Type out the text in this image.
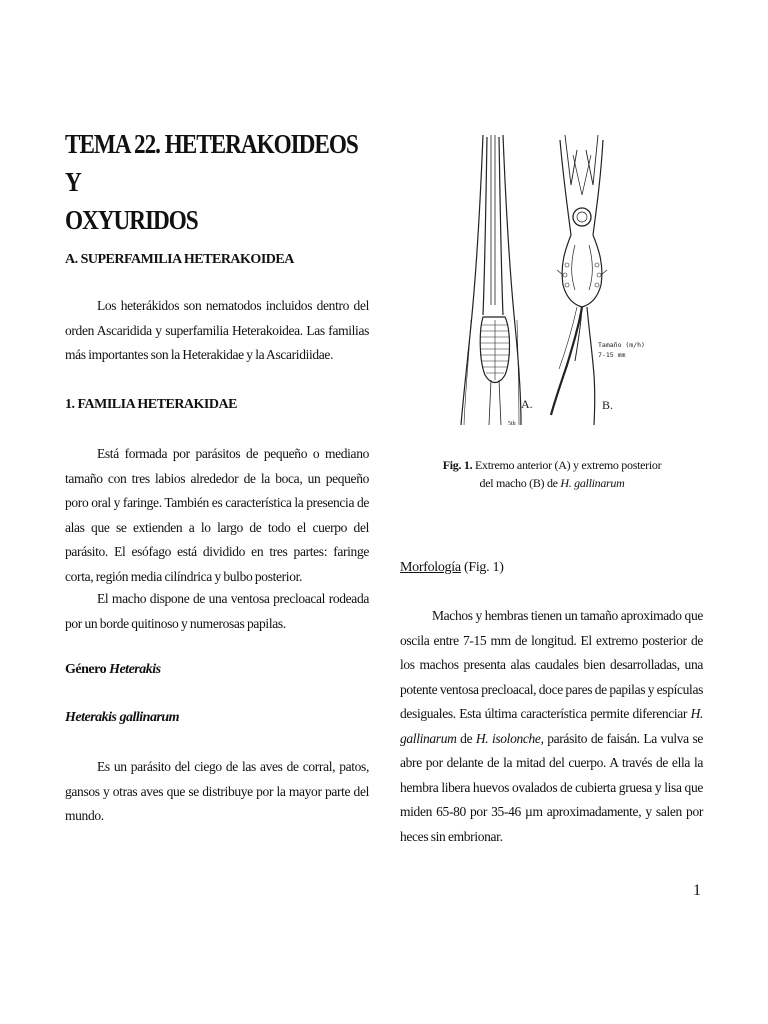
TEMA 22. HETERAKOIDEOS Y
OXYURIDOS
A. SUPERFAMILIA HETERAKOIDEA

Los heterákidos son nematodos incluidos dentro del orden Ascaridida y superfamilia Heterakoidea. Las familias más importantes son la Heterakidae y la Ascaridiidae.

1. FAMILIA HETERAKIDAE

Está formada por parásitos de pequeño o mediano tamaño con tres labios alrededor de la boca, un pequeño poro oral y faringe. También es característica la presencia de alas que se extienden a lo largo de todo el cuerpo del parásito. El esófago está dividido en tres partes: faringe corta, región media cilíndrica y bulbo posterior.

El macho dispone de una ventosa precloacal rodeada por un borde quitinoso y numerosas papilas.

Género Heterakis
Heterakis gallinarum

Es un parásito del ciego de las aves de corral, patos, gansos y otras aves que se distribuye por la mayor parte del mundo.

A.
5th
B.
Tamaño (m/h)
7-15 mm
Fig. 1. Extremo anterior (A) y extremo posterior
del macho (B) de H. gallinarum
Morfología (Fig. 1)

Machos y hembras tienen un tamaño aproximado que oscila entre 7-15 mm de longitud. El extremo posterior de los machos presenta alas caudales bien desarrolladas, una potente ventosa precloacal, doce pares de papilas y espículas desiguales. Esta última característica permite diferenciar H. gallinarum de H. isolonche, parásito de faisán. La vulva se abre por delante de la mitad del cuerpo. A través de ella la hembra libera huevos ovalados de cubierta gruesa y lisa que miden 65-80 por 35-46 µm aproximadamente, y salen por heces sin embrionar.

1
